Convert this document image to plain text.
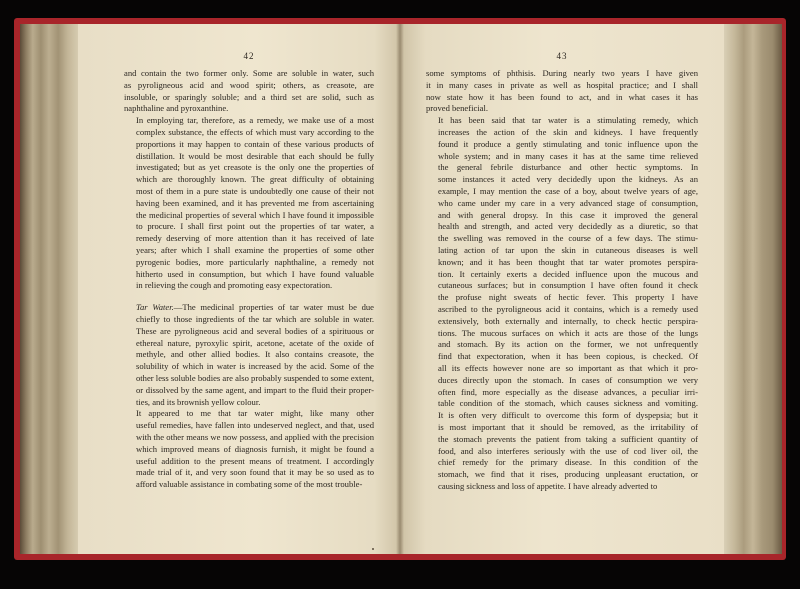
42

and contain the two former only. Some are soluble in water, such
as pyroligneous acid and wood spirit; others, as creasote, are
insoluble, or sparingly soluble; and a third set are solid, such as
naphthaline and pyroxanthine.

In employing tar, therefore, as a remedy, we make use of a most
complex substance, the effects of which must vary according to the
proportions it may happen to contain of these various products of
distillation. It would be most desirable that each should be fully
investigated; but as yet creasote is the only one the properties of
which are thoroughly known. The great difficulty of obtaining
most of them in a pure state is undoubtedly one cause of their not
having been examined, and it has prevented me from ascertaining
the medicinal properties of several which I have found it impossible
to procure. I shall first point out the properties of tar water, a
remedy deserving of more attention than it has received of late
years; after which I shall examine the properties of some other
pyrogenic bodies, more particularly naphthaline, a remedy not
hitherto used in consumption, but which I have found valuable
in relieving the cough and promoting easy expectoration.

Tar Water.—The medicinal properties of tar water must be due
chiefly to those ingredients of the tar which are soluble in water.
These are pyroligneous acid and several bodies of a spirituous or
ethereal nature, pyroxylic spirit, acetone, acetate of the oxide of
methyle, and other allied bodies. It also contains creasote, the
solubility of which in water is increased by the acid. Some of the
other less soluble bodies are also probably suspended to some extent,
or dissolved by the same agent, and impart to the fluid their proper-
ties, and its brownish yellow colour.

It appeared to me that tar water might, like many other
useful remedies, have fallen into undeserved neglect, and that, used
with the other means we now possess, and applied with the precision
which improved means of diagnosis furnish, it might be found a
useful addition to the present means of treatment. I accordingly
made trial of it, and very soon found that it may be so used as to
afford valuable assistance in combating some of the most trouble-

43

some symptoms of phthisis. During nearly two years I have given
it in many cases in private as well as hospital practice; and I shall
now state how it has been found to act, and in what cases it has
proved beneficial.

It has been said that tar water is a stimulating remedy, which
increases the action of the skin and kidneys. I have frequently
found it produce a gently stimulating and tonic influence upon the
whole system; and in many cases it has at the same time relieved
the general febrile disturbance and other hectic symptoms. In
some instances it acted very decidedly upon the kidneys. As an
example, I may mention the case of a boy, about twelve years of age,
who came under my care in a very advanced stage of consumption,
and with general dropsy. In this case it improved the general
health and strength, and acted very decidedly as a diuretic, so that
the swelling was removed in the course of a few days. The stimu-
lating action of tar upon the skin in cutaneous diseases is well
known; and it has been thought that tar water promotes perspira-
tion. It certainly exerts a decided influence upon the mucous and
cutaneous surfaces; but in consumption I have often found it check
the profuse night sweats of hectic fever. This property I have
ascribed to the pyroligneous acid it contains, which is a remedy used
extensively, both externally and internally, to check hectic perspira-
tions. The mucous surfaces on which it acts are those of the lungs
and stomach. By its action on the former, we not unfrequently
find that expectoration, when it has been copious, is checked. Of
all its effects however none are so important as that which it pro-
duces directly upon the stomach. In cases of consumption we very
often find, more especially as the disease advances, a peculiar irri-
table condition of the stomach, which causes sickness and vomiting.
It is often very difficult to overcome this form of dyspepsia; but it
is most important that it should be removed, as the irritability of
the stomach prevents the patient from taking a sufficient quantity of
food, and also interferes seriously with the use of cod liver oil, the
chief remedy for the primary disease. In this condition of the
stomach, we find that it rises, producing unpleasant eructation, or
causing sickness and loss of appetite. I have already adverted to
